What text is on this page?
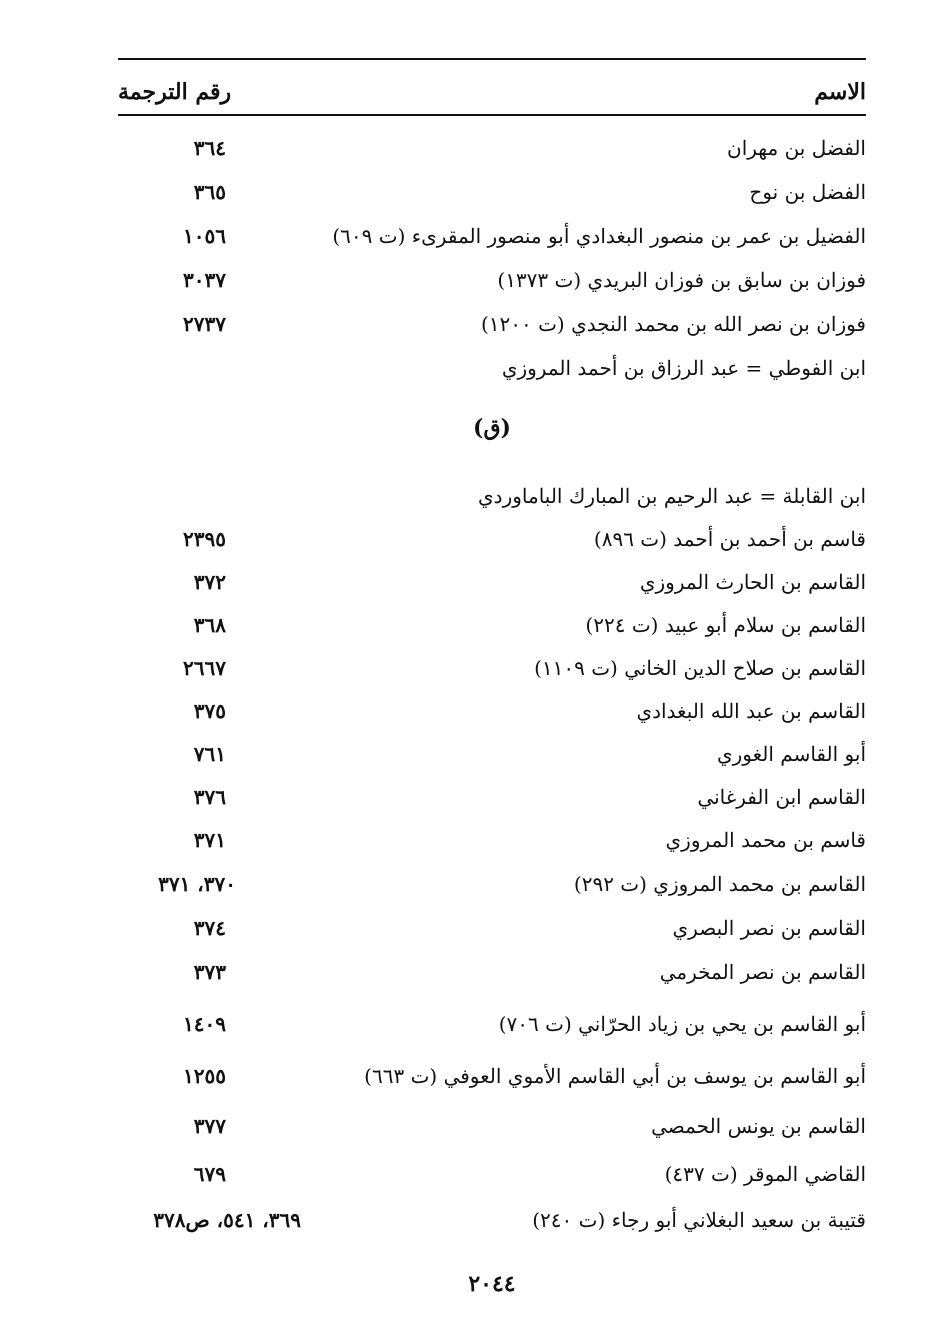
الاسم
رقم الترجمة
الفضل بن مهران
٣٦٤
الفضل بن نوح
٣٦٥
الفضيل بن عمر بن منصور البغدادي أبو منصور المقرىء (ت ٦٠٩)
١٠٥٦
فوزان بن سابق بن فوزان البريدي (ت ١٣٧٣)
٣٠٣٧
فوزان بن نصر الله بن محمد النجدي (ت ١٢٠٠)
٢٧٣٧
ابن الفوطي = عبد الرزاق بن أحمد المروزي
(ق)
ابن القابلة = عبد الرحيم بن المبارك الباماوردي
قاسم بن أحمد بن أحمد (ت ٨٩٦)
٢٣٩٥
القاسم بن الحارث المروزي
٣٧٢
القاسم بن سلام أبو عبيد (ت ٢٢٤)
٣٦٨
القاسم بن صلاح الدين الخاني (ت ١١٠٩)
٢٦٦٧
القاسم بن عبد الله البغدادي
٣٧٥
أبو القاسم الغوري
٧٦١
القاسم ابن الفرغاني
٣٧٦
قاسم بن محمد المروزي
٣٧١
القاسم بن محمد المروزي (ت ٢٩٢)
٣٧٠، ٣٧١
القاسم بن نصر البصري
٣٧٤
القاسم بن نصر المخرمي
٣٧٣
أبو القاسم بن يحي بن زياد الحرّاني (ت ٧٠٦)
١٤٠٩
أبو القاسم بن يوسف بن أبي القاسم الأموي العوفي (ت ٦٦٣)
١٢٥٥
القاسم بن يونس الحمصي
٣٧٧
القاضي الموقر (ت ٤٣٧)
٦٧٩
قتيبة بن سعيد البغلاني أبو رجاء (ت ٢٤٠)
٣٦٩، ٥٤١، ص٣٧٨
٢٠٤٤
